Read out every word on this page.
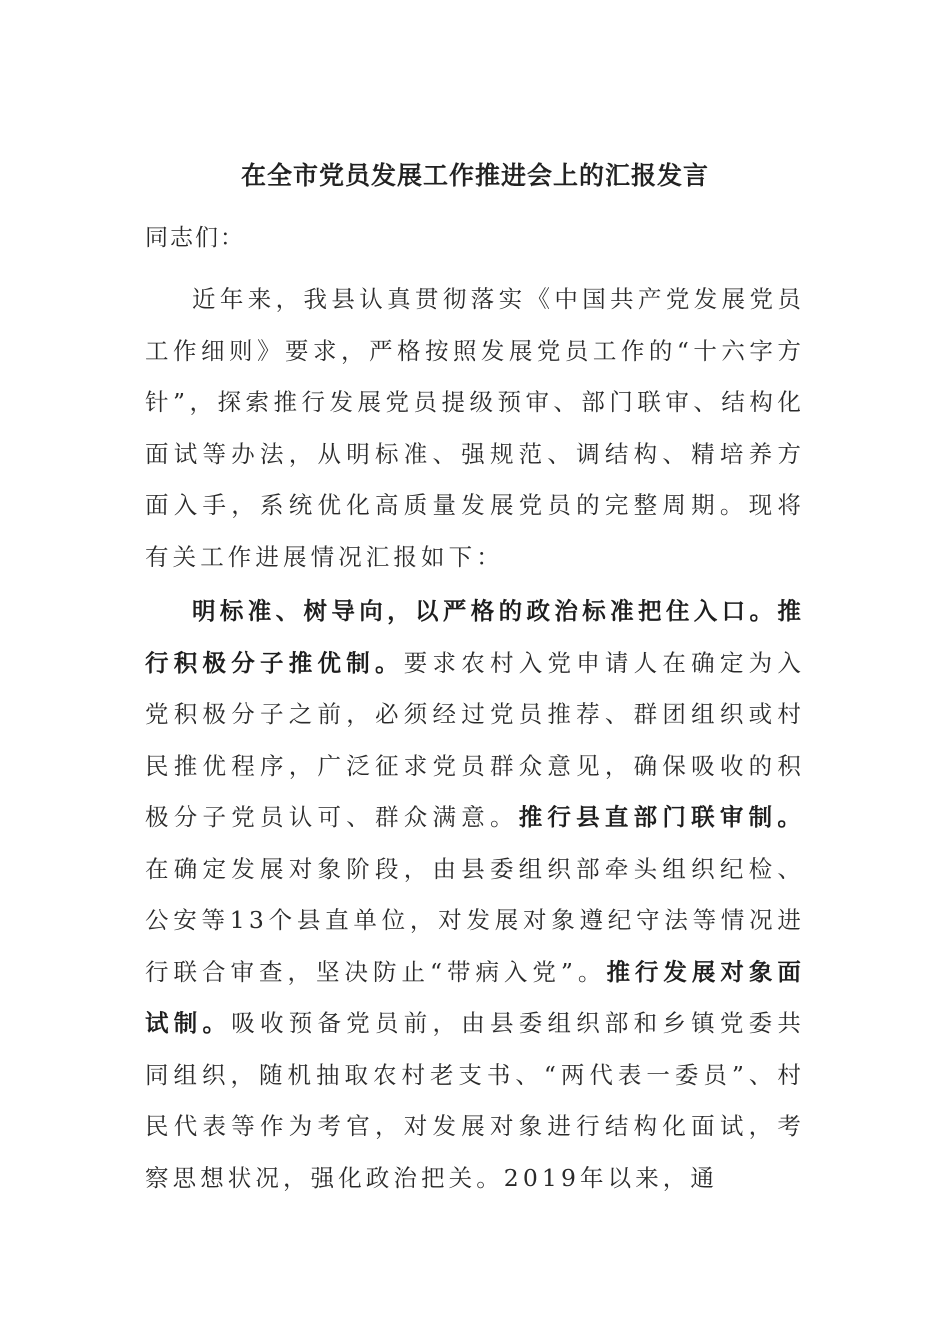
在全市党员发展工作推进会上的汇报发言

同志们：

近年来，我县认真贯彻落实《中国共产党发展党员工作细则》要求，严格按照发展党员工作的“十六字方针”，探索推行发展党员提级预审、部门联审、结构化面试等办法，从明标准、强规范、调结构、精培养方面入手，系统优化高质量发展党员的完整周期。现将有关工作进展情况汇报如下：

明标准、树导向，以严格的政治标准把住入口。推行积极分子推优制。要求农村入党申请人在确定为入党积极分子之前，必须经过党员推荐、群团组织或村民推优程序，广泛征求党员群众意见，确保吸收的积极分子党员认可、群众满意。推行县直部门联审制。在确定发展对象阶段，由县委组织部牵头组织纪检、公安等13个县直单位，对发展对象遵纪守法等情况进行联合审查，坚决防止“带病入党”。推行发展对象面试制。吸收预备党员前，由县委组织部和乡镇党委共同组织，随机抽取农村老支书、“两代表一委员”、村民代表等作为考官，对发展对象进行结构化面试，考察思想状况，强化政治把关。2019年以来，通
